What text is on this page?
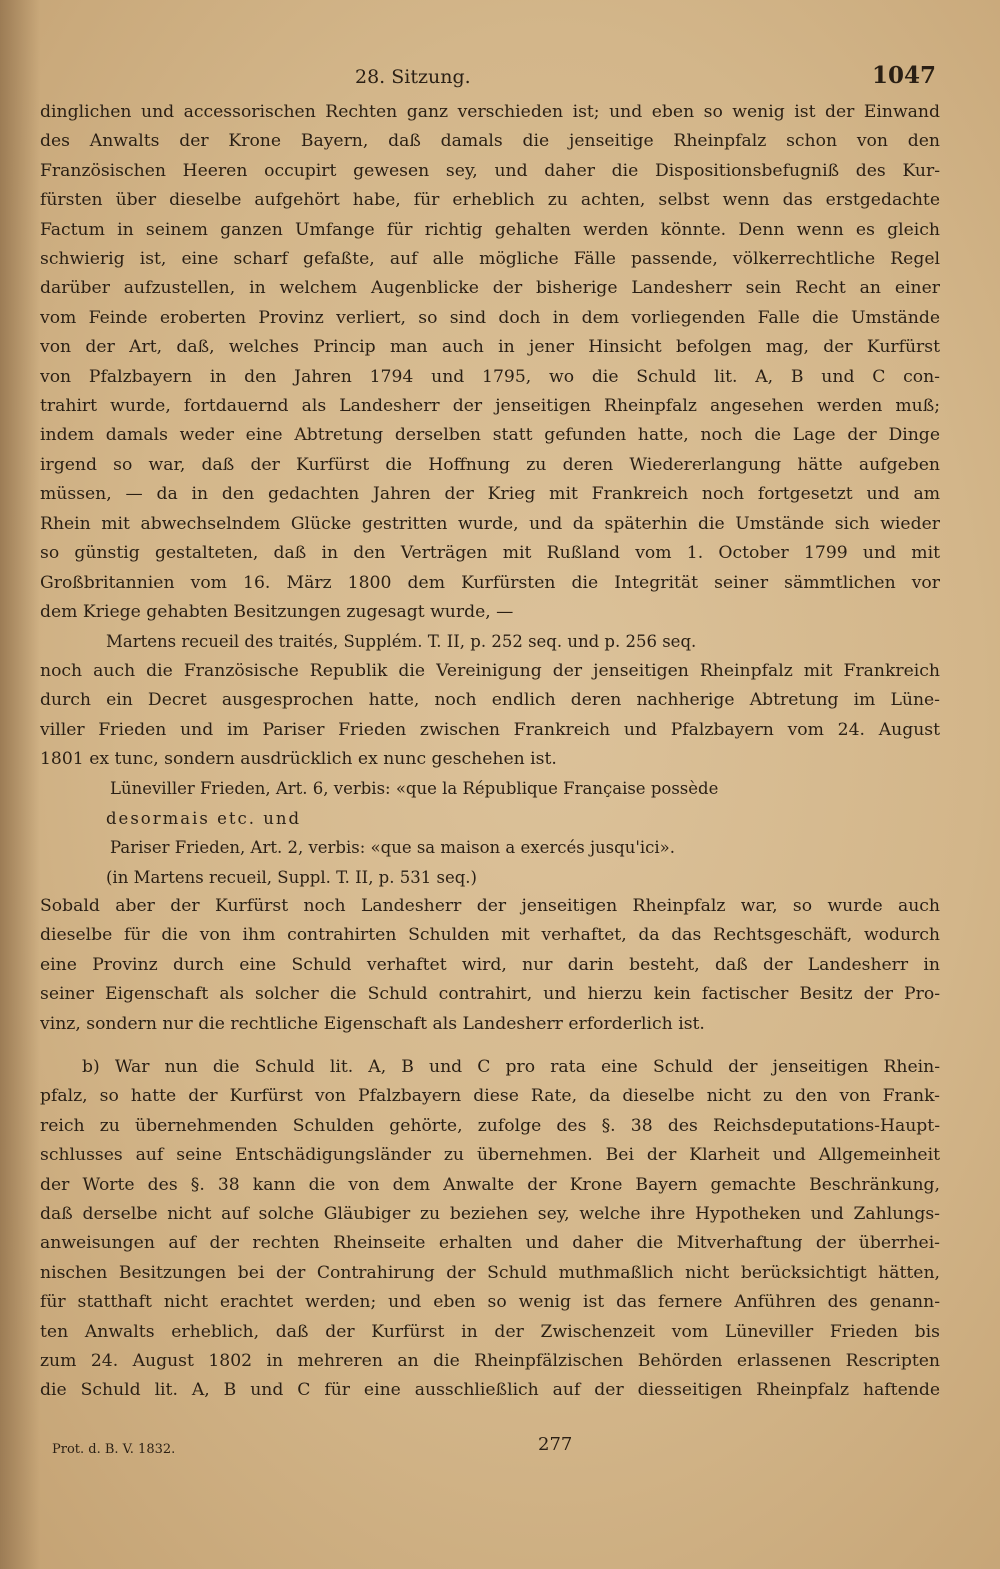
28. Sitzung.	1047

dinglichen und accessorischen Rechten ganz verschieden ist; und eben so wenig ist der Einwand
des Anwalts der Krone Bayern, daß damals die jenseitige Rheinpfalz schon von den
Französischen Heeren occupirt gewesen sey, und daher die Dispositionsbefugniß des Kur-
fürsten über dieselbe aufgehört habe, für erheblich zu achten, selbst wenn das erstgedachte
Factum in seinem ganzen Umfange für richtig gehalten werden könnte. Denn wenn es gleich
schwierig ist, eine scharf gefaßte, auf alle mögliche Fälle passende, völkerrechtliche Regel
darüber aufzustellen, in welchem Augenblicke der bisherige Landesherr sein Recht an einer
vom Feinde eroberten Provinz verliert, so sind doch in dem vorliegenden Falle die Umstände
von der Art, daß, welches Princip man auch in jener Hinsicht befolgen mag, der Kurfürst
von Pfalzbayern in den Jahren 1794 und 1795, wo die Schuld lit. A, B und C con-
trahirt wurde, fortdauernd als Landesherr der jenseitigen Rheinpfalz angesehen werden muß;
indem damals weder eine Abtretung derselben statt gefunden hatte, noch die Lage der Dinge
irgend so war, daß der Kurfürst die Hoffnung zu deren Wiedererlangung hätte aufgeben
müssen, — da in den gedachten Jahren der Krieg mit Frankreich noch fortgesetzt und am
Rhein mit abwechselndem Glücke gestritten wurde, und da späterhin die Umstände sich wieder
so günstig gestalteten, daß in den Verträgen mit Rußland vom 1. October 1799 und mit
Großbritannien vom 16. März 1800 dem Kurfürsten die Integrität seiner sämmtlichen vor
dem Kriege gehabten Besitzungen zugesagt wurde, —

Martens recueil des traités, Supplém. T. II, p. 252 seq. und p. 256 seq.

noch auch die Französische Republik die Vereinigung der jenseitigen Rheinpfalz mit Frankreich
durch ein Decret ausgesprochen hatte, noch endlich deren nachherige Abtretung im Lüne-
viller Frieden und im Pariser Frieden zwischen Frankreich und Pfalzbayern vom 24. August
1801 ex tunc, sondern ausdrücklich ex nunc geschehen ist.

Lüneviller Frieden, Art. 6, verbis: «que la République Française possède
desormais etc. und

Pariser Frieden, Art. 2, verbis: «que sa maison a exercés jusqu'ici».
(in Martens recueil, Suppl. T. II, p. 531 seq.)

Sobald aber der Kurfürst noch Landesherr der jenseitigen Rheinpfalz war, so wurde auch
dieselbe für die von ihm contrahirten Schulden mit verhaftet, da das Rechtsgeschäft, wodurch
eine Provinz durch eine Schuld verhaftet wird, nur darin besteht, daß der Landesherr in
seiner Eigenschaft als solcher die Schuld contrahirt, und hierzu kein factischer Besitz der Pro-
vinz, sondern nur die rechtliche Eigenschaft als Landesherr erforderlich ist.

b) War nun die Schuld lit. A, B und C pro rata eine Schuld der jenseitigen Rhein-
pfalz, so hatte der Kurfürst von Pfalzbayern diese Rate, da dieselbe nicht zu den von Frank-
reich zu übernehmenden Schulden gehörte, zufolge des §. 38 des Reichsdeputations-Haupt-
schlusses auf seine Entschädigungsländer zu übernehmen. Bei der Klarheit und Allgemeinheit
der Worte des §. 38 kann die von dem Anwalte der Krone Bayern gemachte Beschränkung,
daß derselbe nicht auf solche Gläubiger zu beziehen sey, welche ihre Hypotheken und Zahlungs-
anweisungen auf der rechten Rheinseite erhalten und daher die Mitverhaftung der überrhei-
nischen Besitzungen bei der Contrahirung der Schuld muthmaßlich nicht berücksichtigt hätten,
für statthaft nicht erachtet werden; und eben so wenig ist das fernere Anführen des genann-
ten Anwalts erheblich, daß der Kurfürst in der Zwischenzeit vom Lüneviller Frieden bis
zum 24. August 1802 in mehreren an die Rheinpfälzischen Behörden erlassenen Rescripten
die Schuld lit. A, B und C für eine ausschließlich auf der diesseitigen Rheinpfalz haftende

Prot. d. B. V. 1832.	277
